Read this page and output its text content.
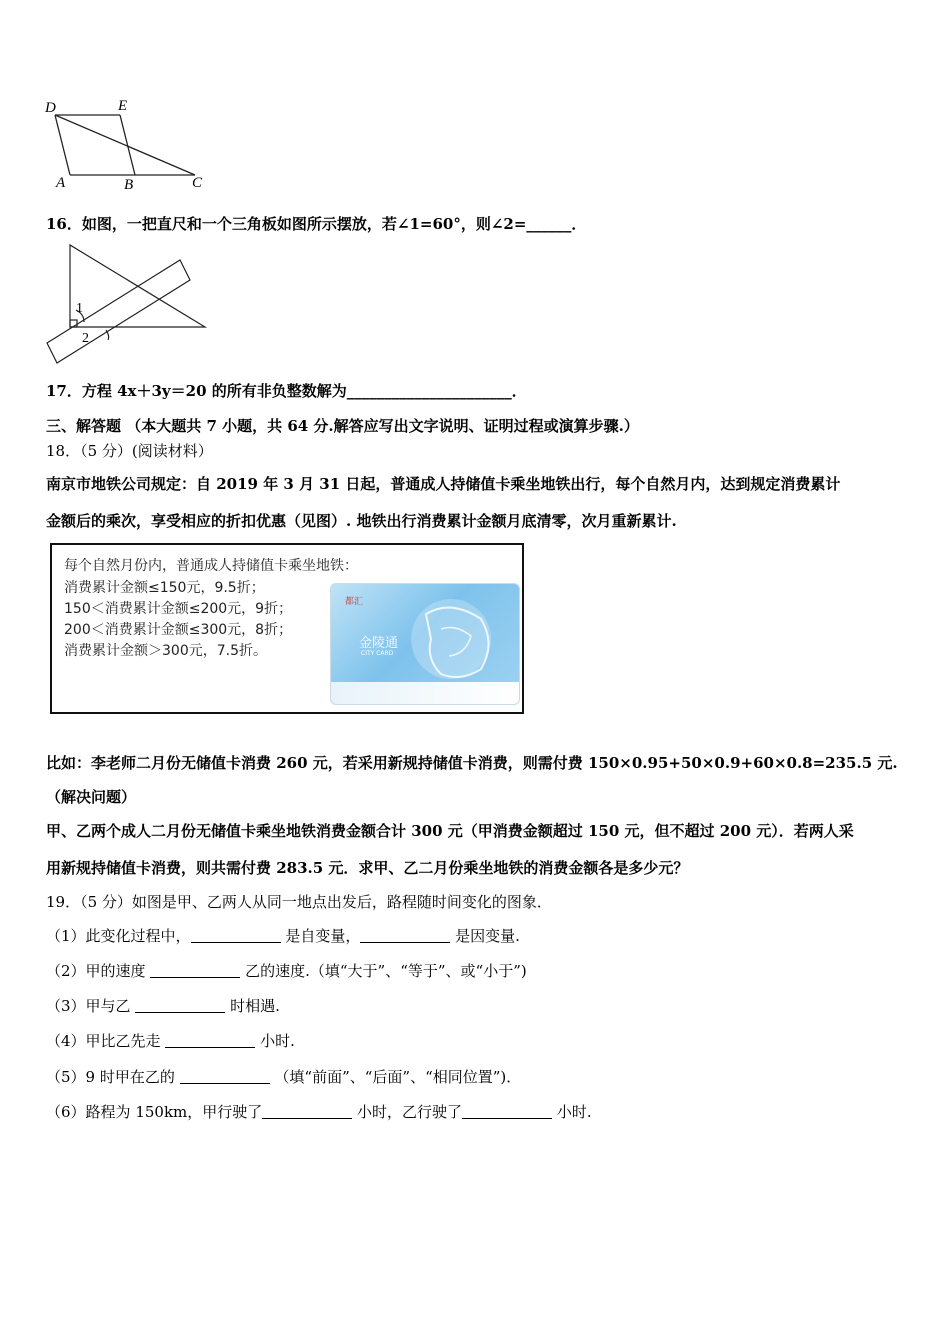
D	E
A	B	C
16．如图，一把直尺和一个三角板如图所示摆放，若∠1=60°，则∠2=______．
1
2
17．方程 4x＋3y＝20 的所有非负整数解为______________________．
三、解答题 （本大题共 7 小题，共 64 分.解答应写出文字说明、证明过程或演算步骤.）
18．（5 分）(阅读材料）
南京市地铁公司规定：自 2019 年 3 月 31 日起，普通成人持储值卡乘坐地铁出行，每个自然月内，达到规定消费累计
金额后的乘次，享受相应的折扣优惠（见图）. 地铁出行消费累计金额月底清零，次月重新累计.
每个自然月份内，普通成人持储值卡乘坐地铁：
消费累计金额≤150元，9.5折；
150＜消费累计金额≤200元，9折；
200＜消费累计金额≤300元，8折；
消费累计金额＞300元，7.5折。
都汇
金陵通
CITY CARD
比如：李老师二月份无储值卡消费 260 元，若采用新规持储值卡消费，则需付费 150×0.95+50×0.9+60×0.8=235.5 元.
（解决问题）
甲、乙两个成人二月份无储值卡乘坐地铁消费金额合计 300 元（甲消费金额超过 150 元，但不超过 200 元）．若两人采
用新规持储值卡消费，则共需付费 283.5 元．求甲、乙二月份乘坐地铁的消费金额各是多少元？
19．（5 分）如图是甲、乙两人从同一地点出发后，路程随时间变化的图象．
（1）此变化过程中，	是自变量，	是因变量.
（2）甲的速度	乙的速度.（填“大于”、“等于”、或“小于”)
（3）甲与乙	时相遇.
（4）甲比乙先走	小时.
（5）9 时甲在乙的	（填“前面”、“后面”、“相同位置”)．
（6）路程为 150km，甲行驶了	小时，乙行驶了	小时.
